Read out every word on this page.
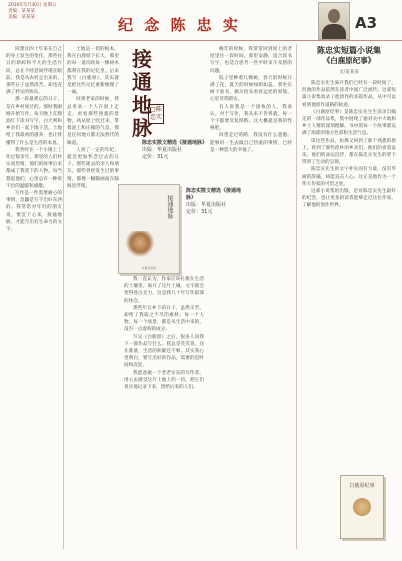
2016年5月30日 星期五
责编：某某某
美编：某某某	纪 念 陈 忠 实	A3

回想这四十年来在自己的身上发生的变化，那些往日的琐碎和平凡的生活片段，总在不经意间浮现在眼前。我是从农村走出来的，那些日子虽然清苦，却也充满了朴实的快乐。

那一段最难忘的日子，是在乡村度过的。那时我刚刚开始写作，每天晚上在煤油灯下读书写字，白天则和乡亲们一起下地干活。土地给了我最初的滋养，也让我懂得了什么是生活的本真。

我曾经在一个小镇上工作过很多年，那里的人们朴实而热情，他们的故事后来都成了我笔下的人物。每当想起他们，心里总有一种说不出的温暖和感激。

写作是一件需要耐心的事情，急躁是写不出好东西的。我常常对年轻的朋友说，要沉下心来，接通地脉，才能写出有生命力的文字。

土地是一切的根本。我在白鹿原下长大，那里的每一道沟坎每一棵树木都刻在我的记忆里。后来我写《白鹿原》，其实就是把这些记忆重新梳理了一遍。

回到老家的时候，我总喜欢一个人在原上走走，看看那些熟悉的景物。风从原上吹过来，带着泥土和庄稼的气息，那是任何地方都无法替代的味道。

人到了一定的年纪，就会更加怀念过去的日子。那些逝去的亲人和朋友，那些曾经发生过的事情，都像一幅幅画面在脑海里浮现。

接通地脉
□陈忠实
陈忠实散文精选《接通地脉》
出版：华夏出版社
定价：31元
接通地脉
华夏出版社
陈忠实散文精选《接通地脉》
出版：华夏出版社
定价：31元

我一直认为，作家应该扎根在生活的土壤里。离开了这片土壤，文字就会变得苍白无力。这是我几十年写作最深的体会。

那些年在乡下的日子，虽然辛苦，却给了我取之不尽的素材。每一个人物，每一个场景，都是从生活中来的，没有一点虚构的成分。

写完《白鹿原》之后，很多人问我下一部作品写什么。我总是笑笑说，还在准备，生活的积累还不够。其实我心里明白，要写出好的作品，需要的是时间和沉淀。

我愿意做一个老老实实的写作者，用心去感受这片土地上的一切，把它们真实地记录下来，留给后来的人们。

晚年的时候，我常常回到原上的老屋里住一段时间。那里安静，适合读书写字，也适合思考一些平时来不及想的问题。

院子里种着几棵树，春天的时候开满了花，夏天的时候绿荫如盖。我坐在树下看书，偶尔抬头看看远处的原坡，心里非常踏实。

有人说我是一个固执的人，我承认。对于写作，我从来不肯将就，每一个字都要反复斟酌。这大概就是我的性格吧。

回望走过的路，我没有什么遗憾。能够用一生去做自己热爱的事情，已经是一种莫大的幸福了。

陈忠实短篇小说集
《白鹿原纪事》
文/某某某

陈忠实先生离开我们已经有一段时间了，但他的作品依然在读者中间广泛流传。这部短篇小说集收录了他创作的多篇作品，从中可以看到他创作道路的轨迹。

《白鹿原纪事》是陈忠实先生生前亲自编定的一部作品集，集中展现了他对关中大地和乡土人情的深刻理解。书中的每一个故事都充满了浓郁的地方色彩和生活气息。

读这些作品，仿佛又回到了那个熟悉的原上，看到了那些淳朴的乡亲们。他们的喜怒哀乐，他们的命运沉浮，都在陈忠实先生的笔下得到了生动的呈现。

陈忠实先生的文字朴实而有力量，没有华丽的辞藻，却能直击人心。这正是他作为一个伟大作家的可贵之处。

这部小说集的出版，是对陈忠实先生最好的纪念，也让更多的读者能够走近这位作家，了解他的创作世界。

白鹿原纪事
